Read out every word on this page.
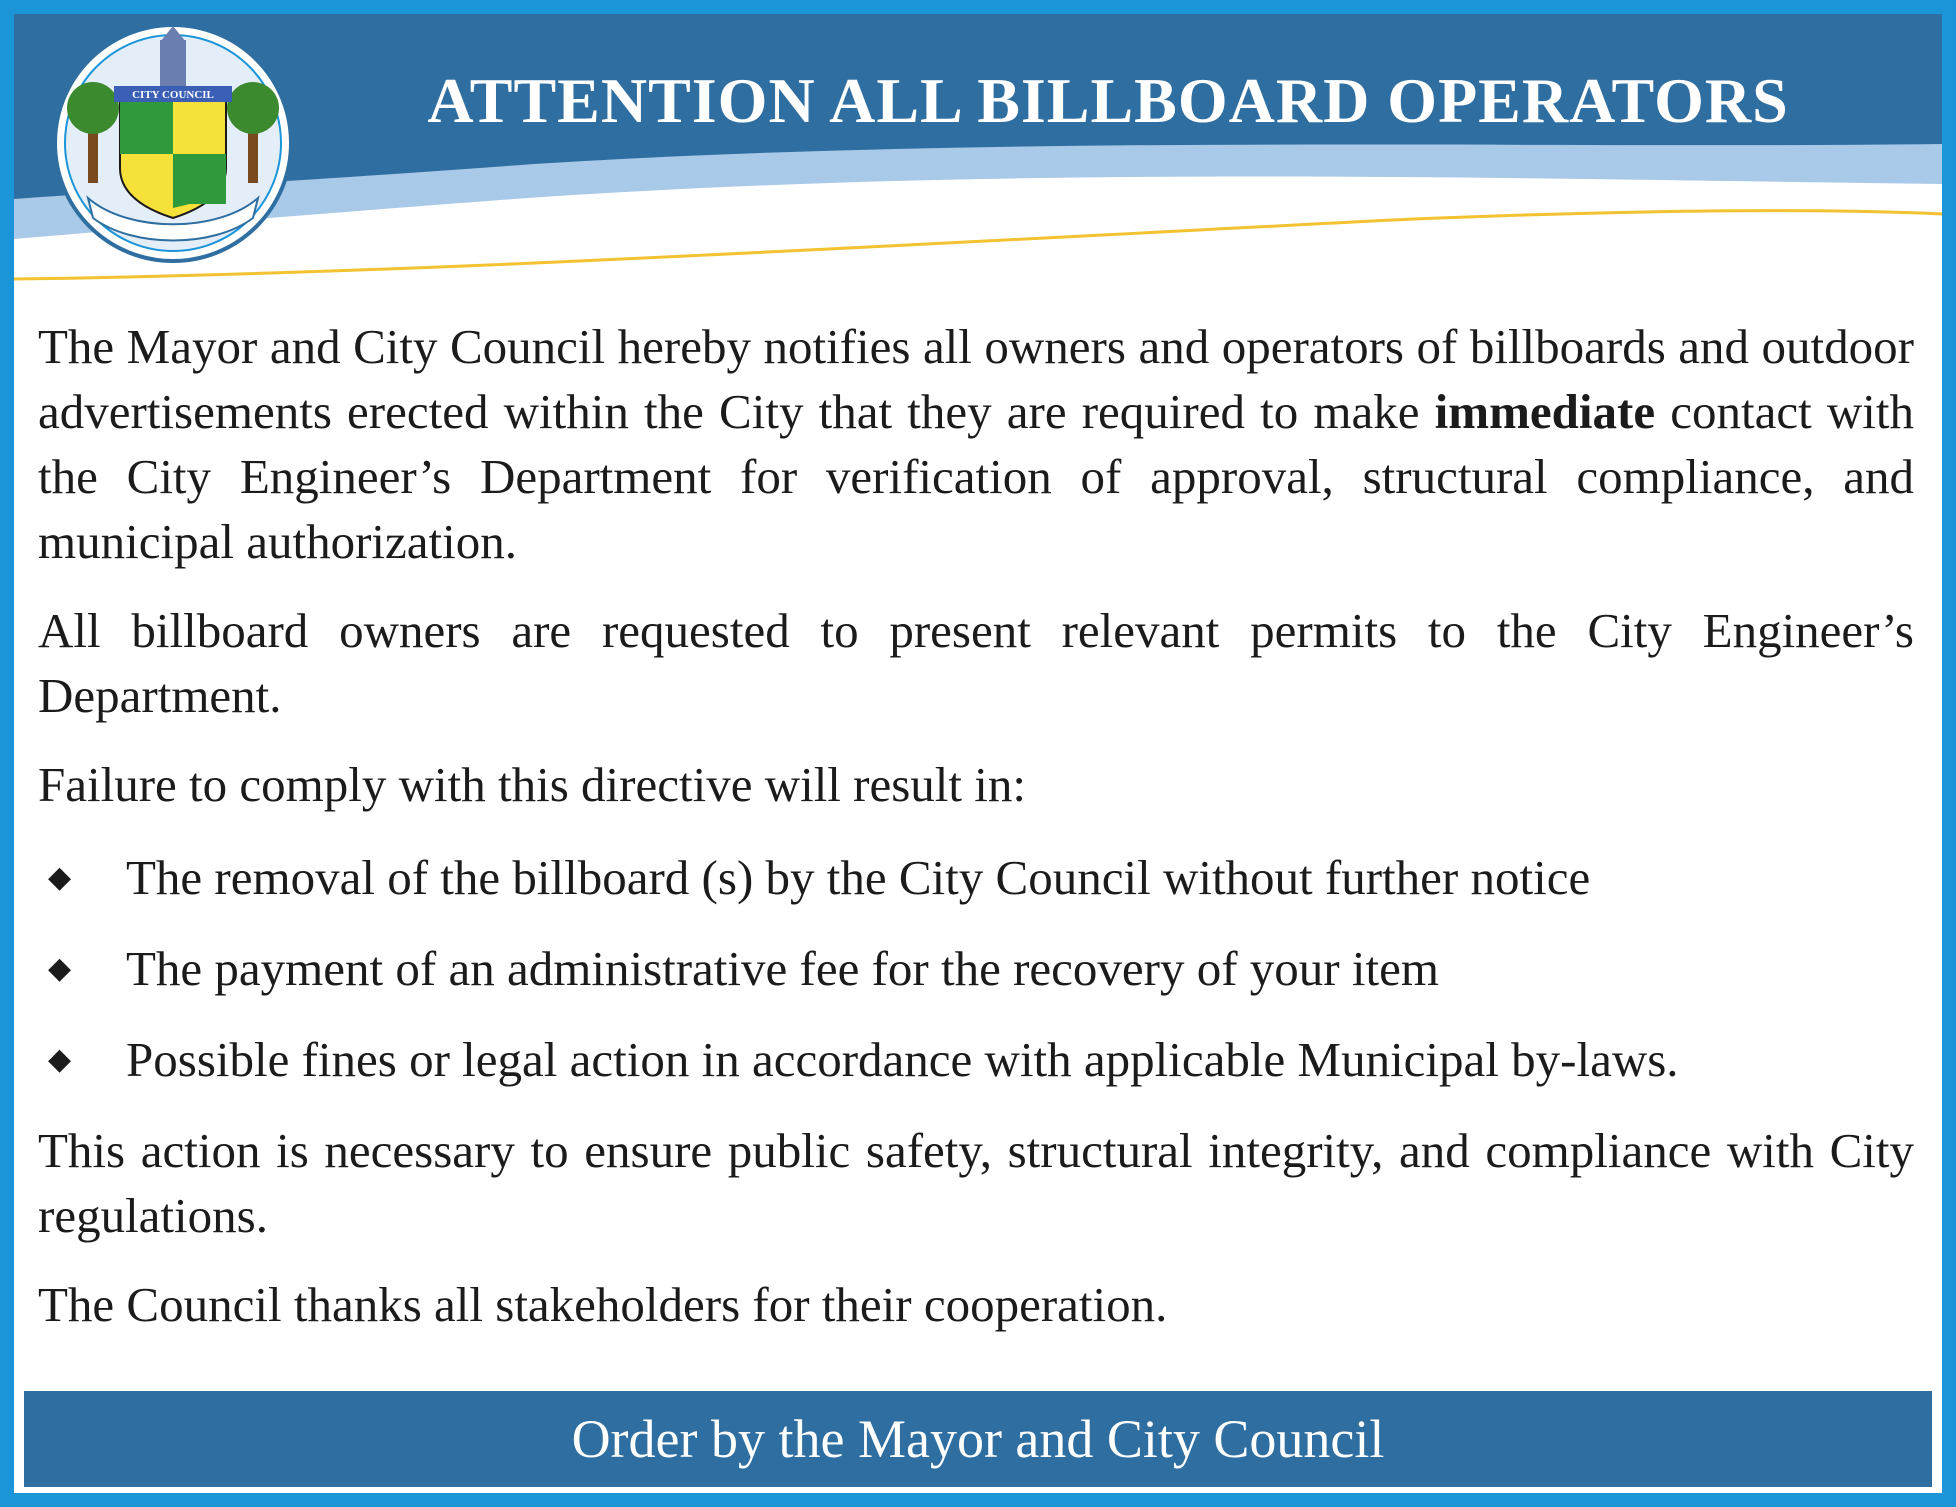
ATTENTION ALL BILLBOARD OPERATORS
CITY COUNCIL

The Mayor and City Council hereby notifies all owners and operators of billboards and outdoor advertisements erected within the City that they are required to make immediate contact with the City Engineer’s Department for verification of approval, structural compliance, and municipal authorization.

All billboard owners are requested to present relevant permits to the City Engineer’s Department.

Failure to comply with this directive will result in:

◆ The removal of the billboard (s) by the City Council without further notice
◆ The payment of an administrative fee for the recovery of your item
◆ Possible fines or legal action in accordance with applicable Municipal by-laws.

This action is necessary to ensure public safety, structural integrity, and compliance with City regulations.

The Council thanks all stakeholders for their cooperation.

Order by the Mayor and City Council
